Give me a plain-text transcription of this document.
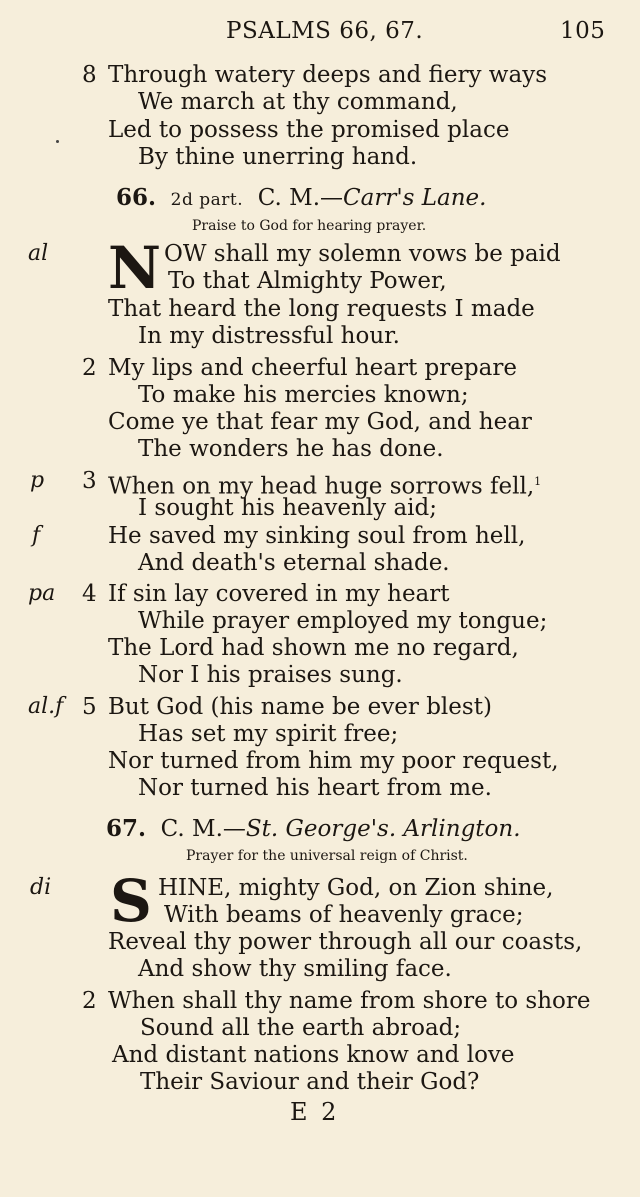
PSALMS 66, 67.	105
8 Through watery deeps and fiery ways
We march at thy command,
Led to possess the promised place
By thine unerring hand.
66. 2d part. C. M.—Carr's Lane.
Praise to God for hearing prayer.
al N OW shall my solemn vows be paid
To that Almighty Power,
That heard the long requests I made
In my distressful hour.
2 My lips and cheerful heart prepare
To make his mercies known;
Come ye that fear my God, and hear
The wonders he has done.
p 3 When on my head huge sorrows fell,$^1$
I sought his heavenly aid;
f	He saved my sinking soul from hell,
And death's eternal shade.
pa 4 If sin lay covered in my heart
While prayer employed my tongue;
The Lord had shown me no regard,
Nor I his praises sung.
al.f 5 But God (his name be ever blest)
Has set my spirit free;
Nor turned from him my poor request,
Nor turned his heart from me.
67. C. M.—St. George's. Arlington.
Prayer for the universal reign of Christ.
di S HINE, mighty God, on Zion shine,
With beams of heavenly grace;
Reveal thy power through all our coasts,
And show thy smiling face.
2 When shall thy name from shore to shore
Sound all the earth abroad;
And distant nations know and love
Their Saviour and their God?
E 2
